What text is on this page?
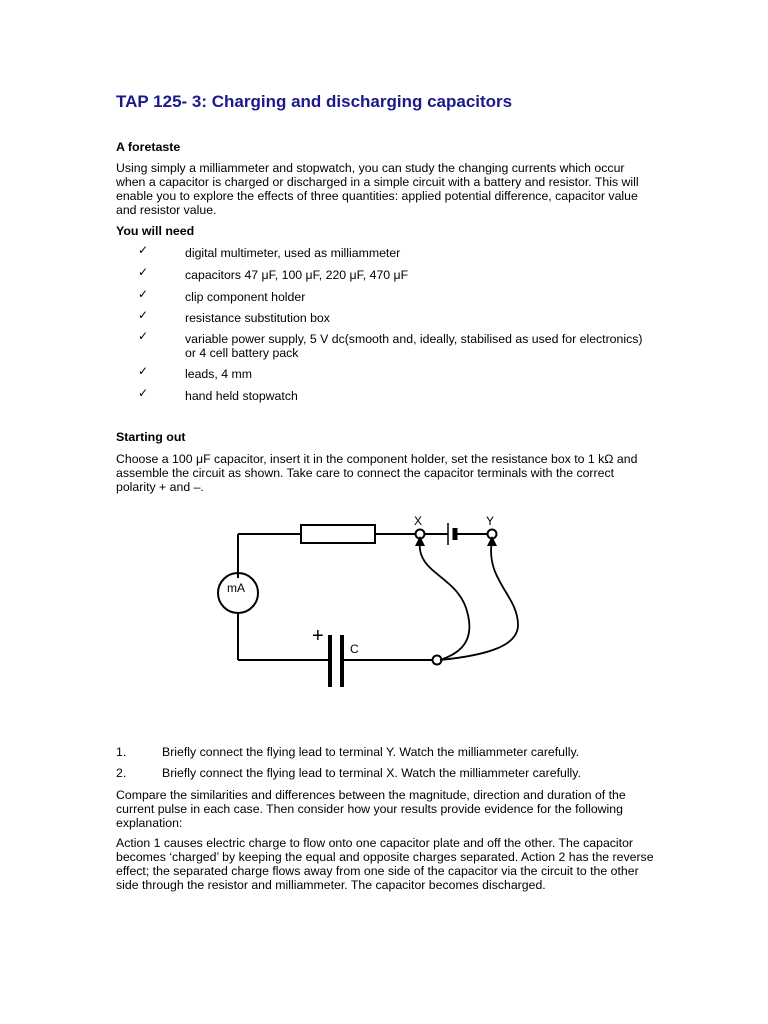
TAP 125- 3: Charging and discharging capacitors
A foretaste
Using simply a milliammeter and stopwatch, you can study the changing currents which occur when a capacitor is charged or discharged in a simple circuit with a battery and resistor. This will enable you to explore the effects of three quantities: applied potential difference, capacitor value and resistor value.
You will need
✓	digital multimeter, used as milliammeter
✓	capacitors 47 μF, 100 μF, 220 μF, 470 μF
✓	clip component holder
✓	resistance substitution box
✓	variable power supply, 5 V dc(smooth and, ideally, stabilised as used for electronics) or 4 cell battery pack
✓	leads, 4 mm
✓	hand held stopwatch
Starting out
Choose a 100 μF capacitor, insert it in the component holder, set the resistance box to 1 kΩ and assemble the circuit as shown. Take care to connect the capacitor terminals with the correct polarity + and –.
X	Y
mA
+
C
1.	Briefly connect the flying lead to terminal Y. Watch the milliammeter carefully.
2.	Briefly connect the flying lead to terminal X. Watch the milliammeter carefully.
Compare the similarities and differences between the magnitude, direction and duration of the current pulse in each case. Then consider how your results provide evidence for the following explanation:
Action 1 causes electric charge to flow onto one capacitor plate and off the other. The capacitor becomes ‘charged’ by keeping the equal and opposite charges separated. Action 2 has the reverse effect; the separated charge flows away from one side of the capacitor via the circuit to the other side through the resistor and milliammeter. The capacitor becomes discharged.
